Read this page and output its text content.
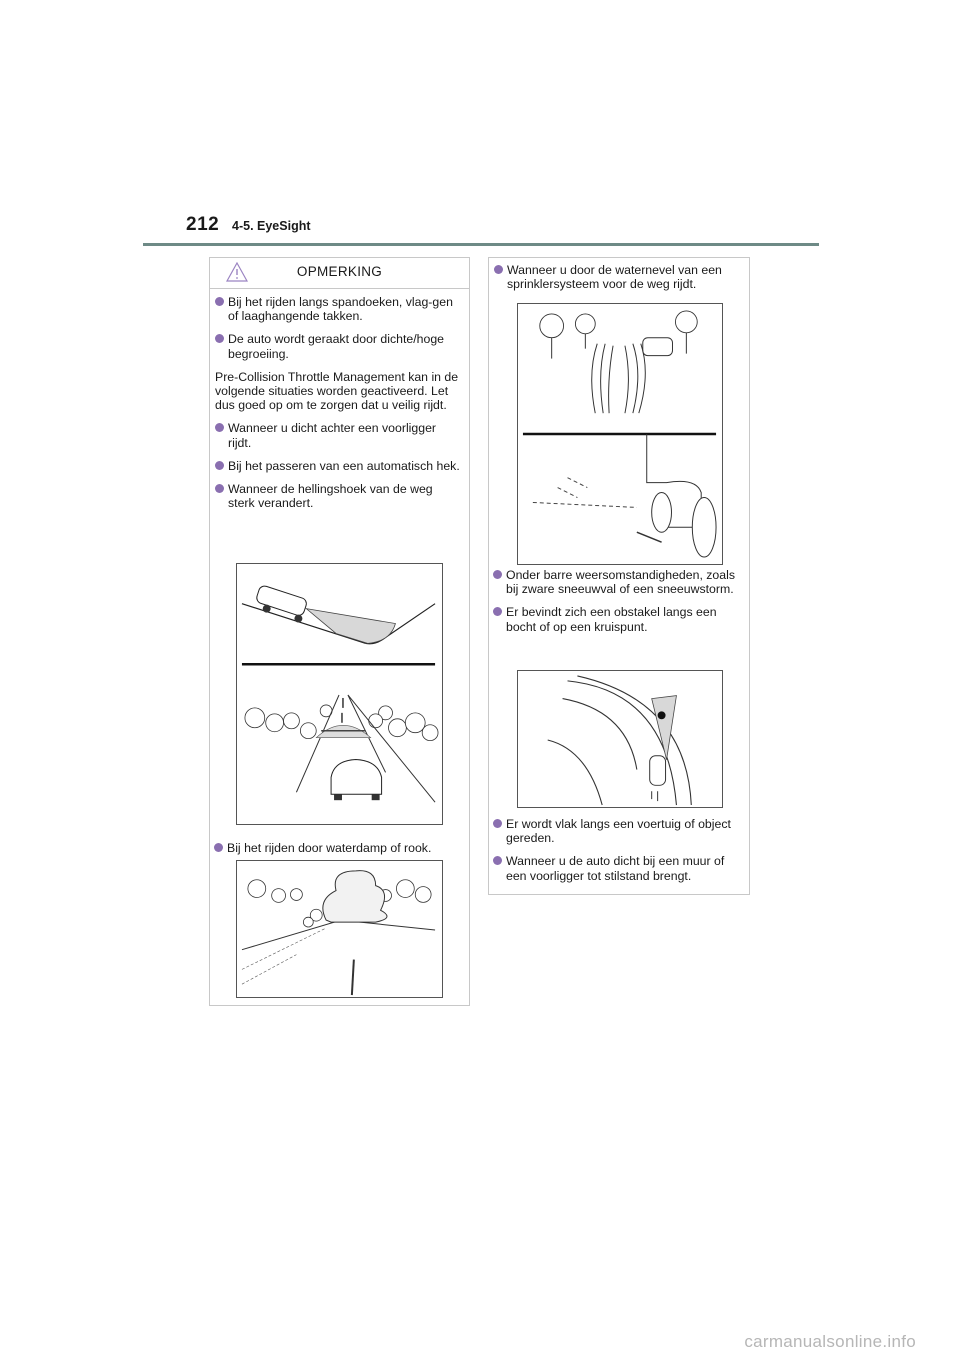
212 4-5. EyeSight
OPMERKING
Bij het rijden langs spandoeken, vlag-gen of laaghangende takken.
De auto wordt geraakt door dichte/hoge begroeiing.
Pre-Collision Throttle Management kan in de volgende situaties worden geactiveerd. Let dus goed op om te zorgen dat u veilig rijdt.
Wanneer u dicht achter een voorligger rijdt.
Bij het passeren van een automatisch hek.
Wanneer de hellingshoek van de weg sterk verandert.
Bij het rijden door waterdamp of rook.
Wanneer u door de waternevel van een sprinklersysteem voor de weg rijdt.
Onder barre weersomstandigheden, zoals bij zware sneeuwval of een sneeuwstorm.
Er bevindt zich een obstakel langs een bocht of op een kruispunt.
Er wordt vlak langs een voertuig of object gereden.
Wanneer u de auto dicht bij een muur of een voorligger tot stilstand brengt.
carmanualsonline.info
